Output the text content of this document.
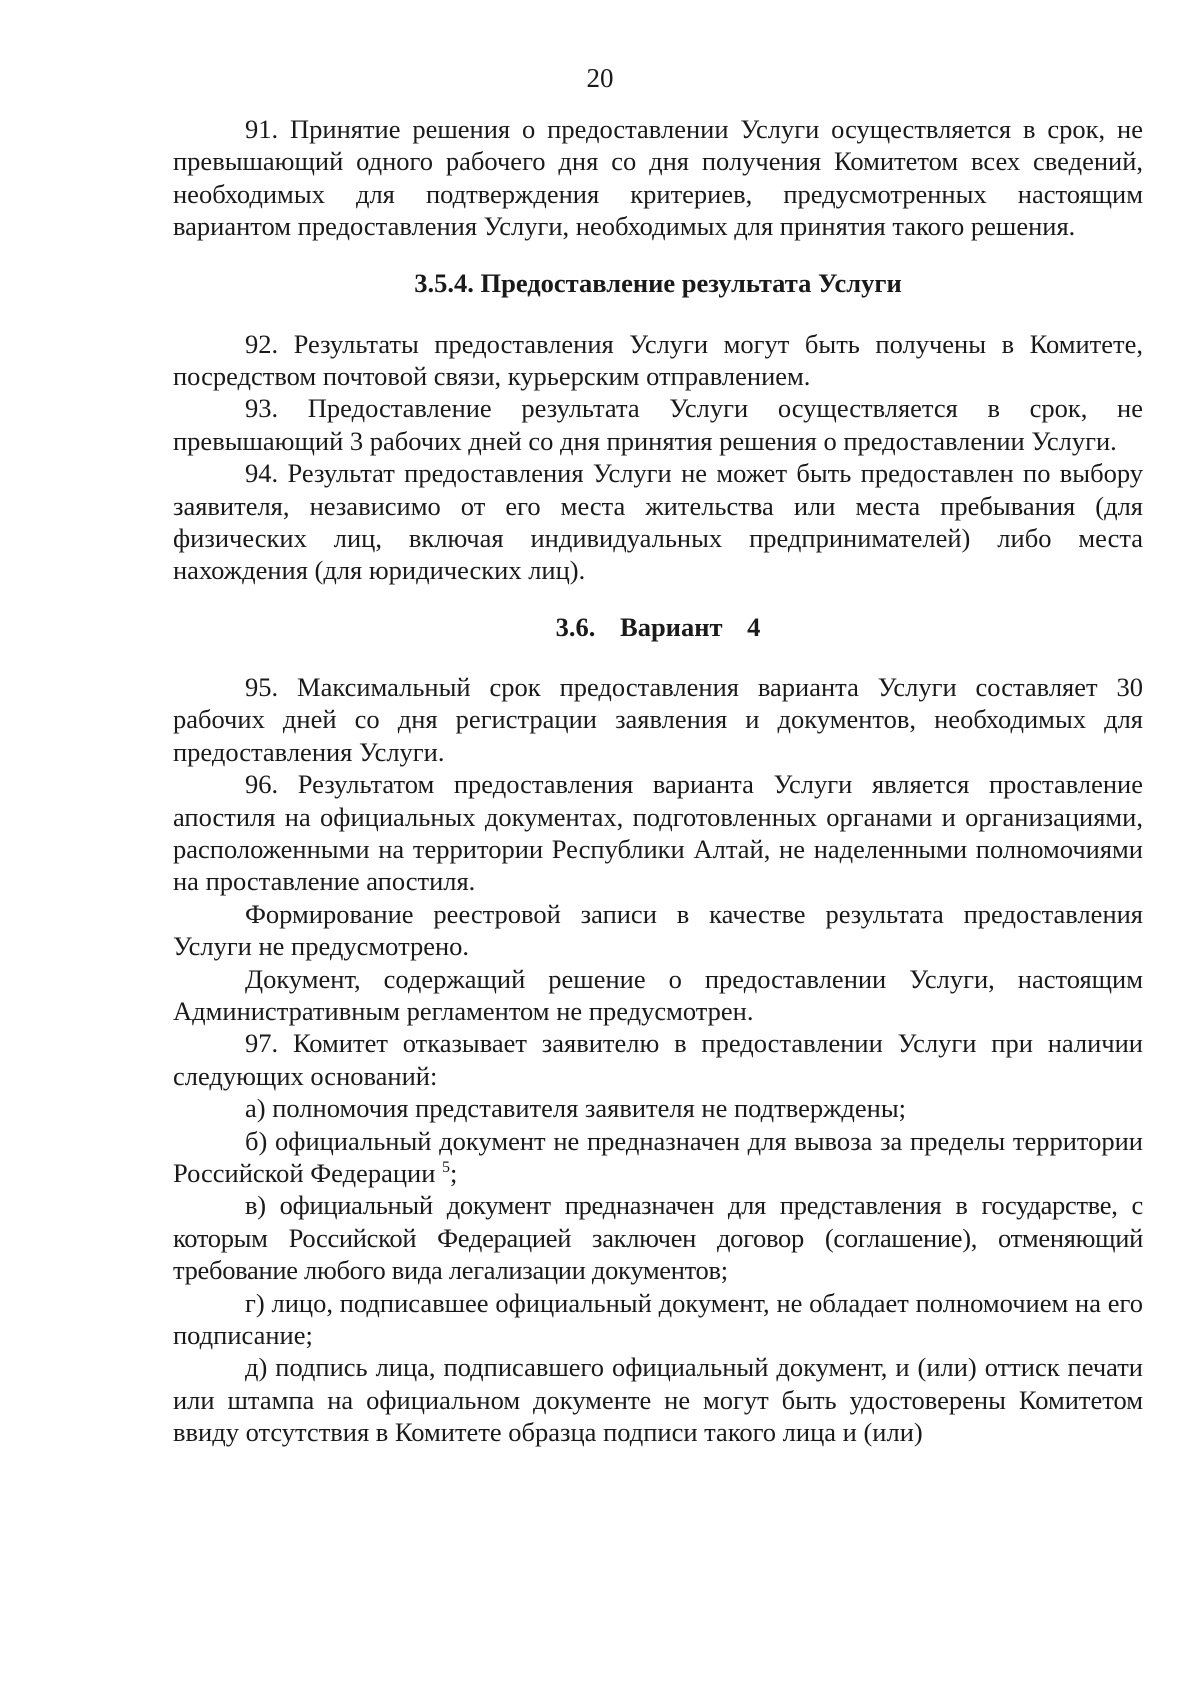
20

91. Принятие решения о предоставлении Услуги осуществляется в срок, не превышающий одного рабочего дня со дня получения Комитетом всех сведений, необходимых для подтверждения критериев, предусмотренных настоящим вариантом предоставления Услуги, необходимых для принятия такого решения.

3.5.4. Предоставление результата Услуги

92. Результаты предоставления Услуги могут быть получены в Комитете, посредством почтовой связи, курьерским отправлением.

93. Предоставление результата Услуги осуществляется в срок, не превышающий 3 рабочих дней со дня принятия решения о предоставлении Услуги.

94. Результат предоставления Услуги не может быть предоставлен по выбору заявителя, независимо от его места жительства или места пребывания (для физических лиц, включая индивидуальных предпринимателей) либо места нахождения (для юридических лиц).

3.6. Вариант 4

95. Максимальный срок предоставления варианта Услуги составляет 30 рабочих дней со дня регистрации заявления и документов, необходимых для предоставления Услуги.

96. Результатом предоставления варианта Услуги является проставление апостиля на официальных документах, подготовленных органами и организациями, расположенными на территории Республики Алтай, не наделенными полномочиями на проставление апостиля.

Формирование реестровой записи в качестве результата предоставления Услуги не предусмотрено.

Документ, содержащий решение о предоставлении Услуги, настоящим Административным регламентом не предусмотрен.

97. Комитет отказывает заявителю в предоставлении Услуги при наличии следующих оснований:

а) полномочия представителя заявителя не подтверждены;

б) официальный документ не предназначен для вывоза за пределы территории Российской Федерации $^5$;

в) официальный документ предназначен для представления в государстве, с которым Российской Федерацией заключен договор (соглашение), отменяющий требование любого вида легализации документов;

г) лицо, подписавшее официальный документ, не обладает полномочием на его подписание;

д) подпись лица, подписавшего официальный документ, и (или) оттиск печати или штампа на официальном документе не могут быть удостоверены Комитетом ввиду отсутствия в Комитете образца подписи такого лица и (или)
